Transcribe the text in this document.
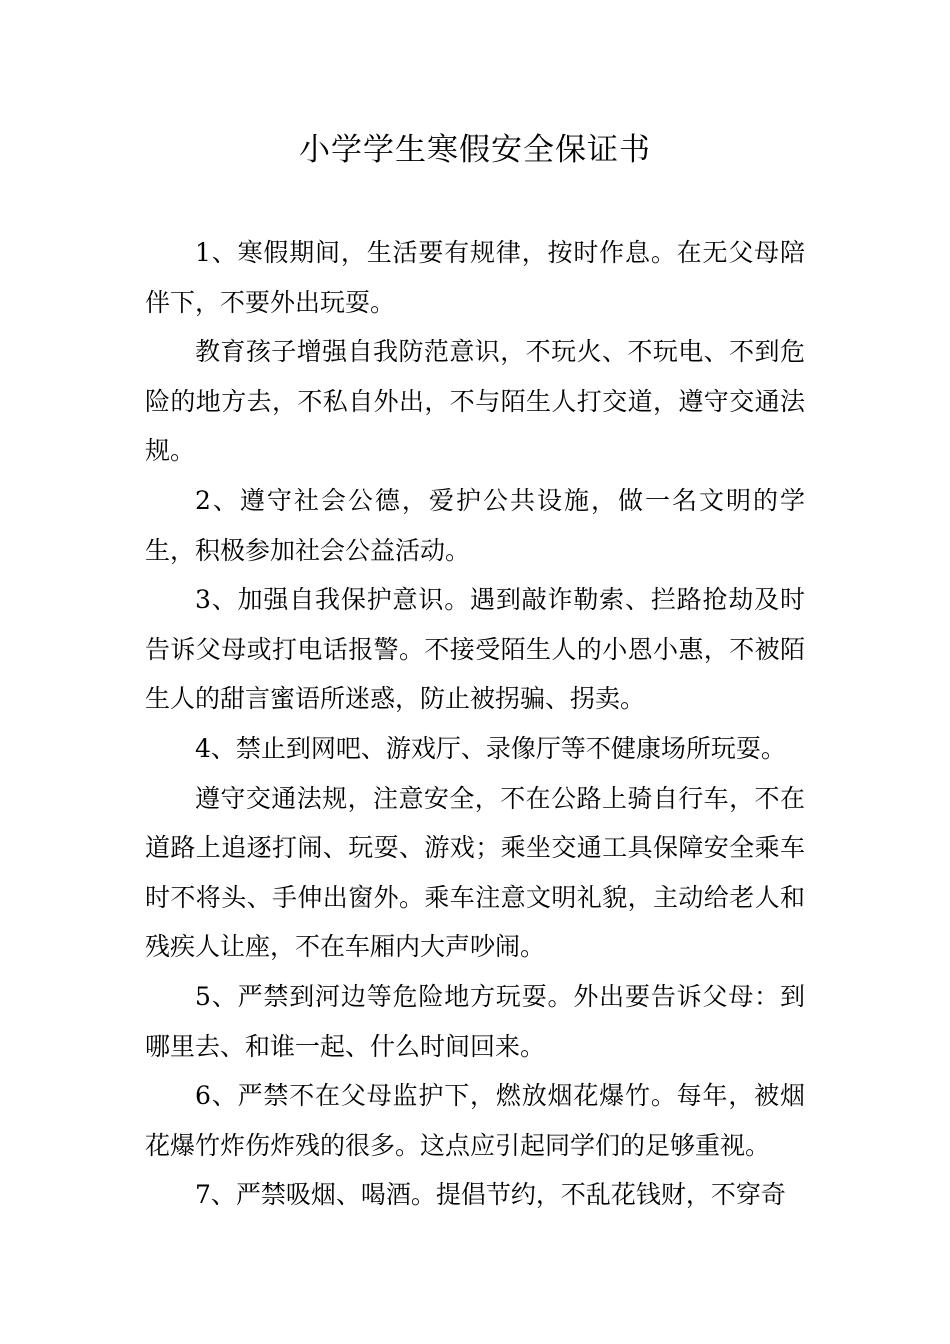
小学学生寒假安全保证书

1、寒假期间，生活要有规律，按时作息。在无父母陪伴下，不要外出玩耍。

教育孩子增强自我防范意识，不玩火、不玩电、不到危险的地方去，不私自外出，不与陌生人打交道，遵守交通法规。

2、遵守社会公德，爱护公共设施，做一名文明的学生，积极参加社会公益活动。

3、加强自我保护意识。遇到敲诈勒索、拦路抢劫及时告诉父母或打电话报警。不接受陌生人的小恩小惠，不被陌生人的甜言蜜语所迷惑，防止被拐骗、拐卖。

4、禁止到网吧、游戏厅、录像厅等不健康场所玩耍。

遵守交通法规，注意安全，不在公路上骑自行车，不在道路上追逐打闹、玩耍、游戏；乘坐交通工具保障安全乘车时不将头、手伸出窗外。乘车注意文明礼貌，主动给老人和残疾人让座，不在车厢内大声吵闹。

5、严禁到河边等危险地方玩耍。外出要告诉父母：到哪里去、和谁一起、什么时间回来。

6、严禁不在父母监护下，燃放烟花爆竹。每年，被烟花爆竹炸伤炸残的很多。这点应引起同学们的足够重视。

7、严禁吸烟、喝酒。提倡节约，不乱花钱财，不穿奇
